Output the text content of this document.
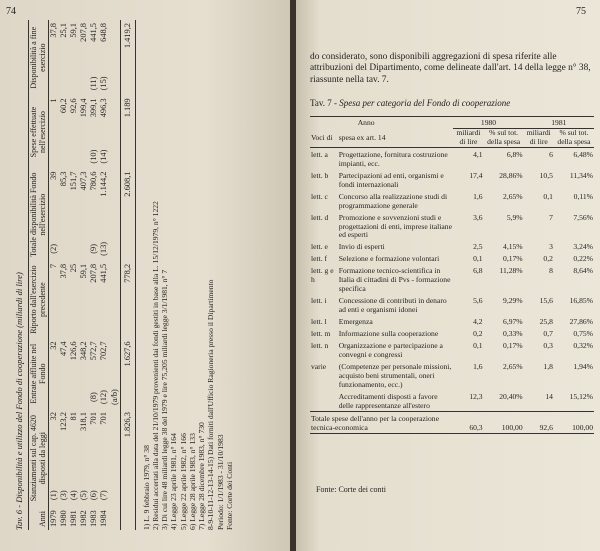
74

Tav. 6 - Disponibilità e utilizzo del Fondo di cooperazione (miliardi di lire) Anni	Stanziamenti sul cap. 4620 disposti da leggi		Entrate affluite nel Fondo		Riporto dall'esercizio precedente	Totale disponibilità Fondo nell'esercizio		Spese effettuate nell'esercizio		Disponibilità a fine esercizio	
1979	(1)	32		32	7	(2)	39		1		37,8
1980	(3)	123,2		47,4	37,8		85,3		60,2		25,1
1981	(4)	81		126,6	25		151,7		92,6		59,1
1982	(5)	318,1		348,2	59,1		407,3		199,4		207,8
1983	(6)	701	(8)	572,7	207,8	(9)	780,6	(10)	399,1	(11)	441,5
1984	(7)	701	(12)	702,7	441,5	(13)	1.144,2	(14)	496,3	(15)	648,8
			(a/b)								
		1.826,3		1.627,6	778,2		2.608,1		1.189		1.419,2
1) L. 9 febbraio 1979, n° 38 2) Residui accertati alla data del 21/10/1979 provenienti dai fondi gestiti in base alla L. 15/12/1979, n° 1222 3) Di cui lire 48 miliardi legge 38 del 1979 e lire 75,205 miliardi legge 3/1/1981, n° 7 4) Legge 23 aprile 1981, n° 164 5) Legge 22 aprile 1982, n° 166 6) Legge 28 aprile 1983, n° 133 7) Legge 28 dicembre 1983, n° 730 8-9-10-11-12-13-14-15) Dati forniti dall'Ufficio Ragioneria presso il Dipartimento Periodo: 1/1/1983 - 31/10/1983 Fonte: Corte dei Conti
75

do considerato, sono disponibili aggregazioni di spesa riferite alle attribuzioni del Dipartimento, come delineate dall'art. 14 della legge n° 38, riassunte nella tav. 7.

Tav. 7 - Spesa per categoria del Fondo di cooperazione

	Anno	1980		1981	
Voci di	spesa ex art. 14	miliardi di lire	% sul tot. della spesa	miliardi di lire	% sul tot. della spesa
lett. a	Progettazione, fornitura costruzione impianti, ecc.	4,1	6,8%	6	6,48%
lett. b	Partecipazioni ad enti, organismi e fondi internazionali	17,4	28,86%	10,5	11,34%
lett. c	Concorso alla realizzazione studi di programmazione generale	1,6	2,65%	0,1	0,11%
lett. d	Promozione e sovvenzioni studi e progettazioni di enti, imprese italiane ed esperti	3,6	5,9%	7	7,56%
lett. e	Invio di esperti	2,5	4,15%	3	3,24%
lett. f	Selezione e formazione volontari	0,1	0,17%	0,2	0,22%
lett. g e h	Formazione tecnico-scientifica in Italia di cittadini di Pvs - formazione specifica	6,8	11,28%	8	8,64%
lett. i	Concessione di contributi in denaro ad enti e organismi idonei	5,6	9,29%	15,6	16,85%
lett. l	Emergenza	4,2	6,97%	25,8	27,86%
lett. m	Informazione sulla cooperazione	0,2	0,33%	0,7	0,75%
lett. n	Organizzazione e partecipazione a convegni e congressi	0,1	0,17%	0,3	0,32%
varie	(Competenze per personale missioni, acquisto beni strumentali, oneri funzionamento, ecc.)	1,6	2,65%	1,8	1,94%
	Accreditamenti disposti a favore delle rappresentanze all'estero	12,3	20,40%	14	15,12%
Totale spese dell'anno per la cooperazione tecnica-economica		60,3	100,00	92,6	100,00

Fonte: Corte dei conti
